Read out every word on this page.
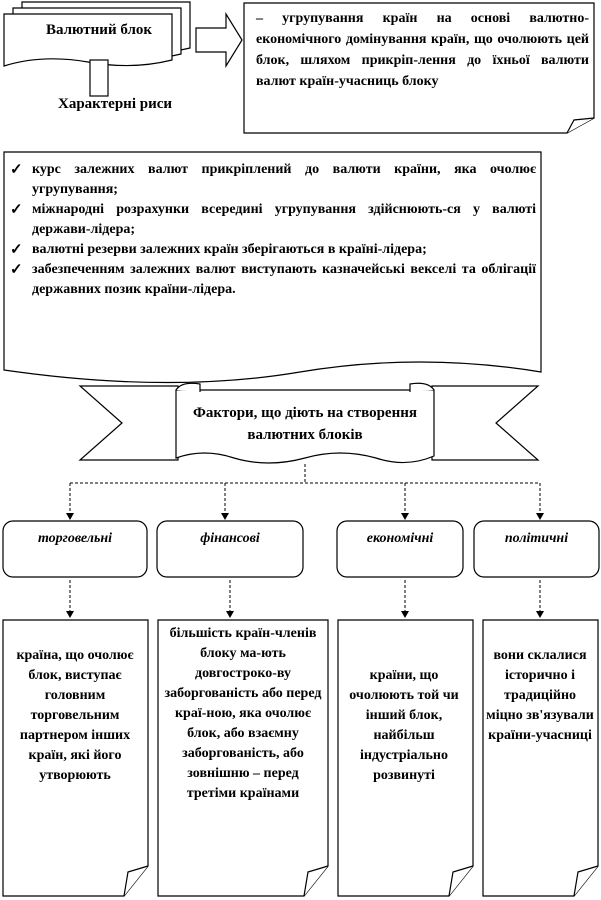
Валютний блок
Характерні риси
– угрупування країн на основі валютно-економічного домінування країн, що очолюють цей блок, шляхом прикріп-лення до їхньої валюти валют країн-учасниць блоку
✓ курс залежних валют прикріплений до валюти країни, яка очолює угрупування;
✓ міжнародні розрахунки всередині угрупування здійснюють-ся у валюті держави-лідера;
✓ валютні резерви залежних країн зберігаються в країні-лідера;
✓ забезпеченням залежних валют виступають казначейські векселі та облігації державних позик країни-лідера.
Фактори, що діють на створення валютних блоків
торговельні	фінансові	економічні	політичні
країна, що очолює блок, виступає головним торговельним партнером інших країн, які його утворюють
більшість країн-членів блоку ма-ють довгостроко-ву заборгованість або перед краї-ною, яка очолює блок, або взаємну заборгованість, або зовнішню – перед третіми країнами
країни, що очолюють той чи інший блок, найбільш індустріально розвинуті
вони склалися історично і традиційно міцно зв'язували країни-учасниці
